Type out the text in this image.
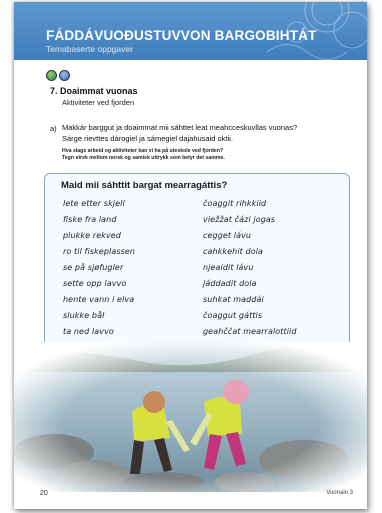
FÁDDÁVUOĐUSTUVVON BARGOBIHTÁT
Temabaserte oppgaver
7. Doaimmat vuonas
Aktiviteter ved fjorden
a) Makkár barggut ja doaimmat mii sáhttet leat meahcceskuvllas vuonas?
Sárge rievttes dárogiel ja sámegiel dajahusaid oktii.
Hva slags arbeid og aktiviteter kan vi ha på uteskole ved fjorden?
Tegn strek mellom norsk og samisk uttrykk som betyr det samme.
Maid mii sáhttit bargat mearragáttis?
lete etter skjell	čoaggit rihkkiid
fiske fra land	viežžat čázi jogas
plukke rekved	cegget lávu
ro til fiskeplassen	cahkkehit dola
se på sjøfugler	njeaidit lávu
sette opp lavvo	jáddadit dola
hente vann i elva	suhkat maddái
slukke bål	čoaggut gáttis
ta ned lavvo	geahččat mearralottiid
20	Vuonain 3
